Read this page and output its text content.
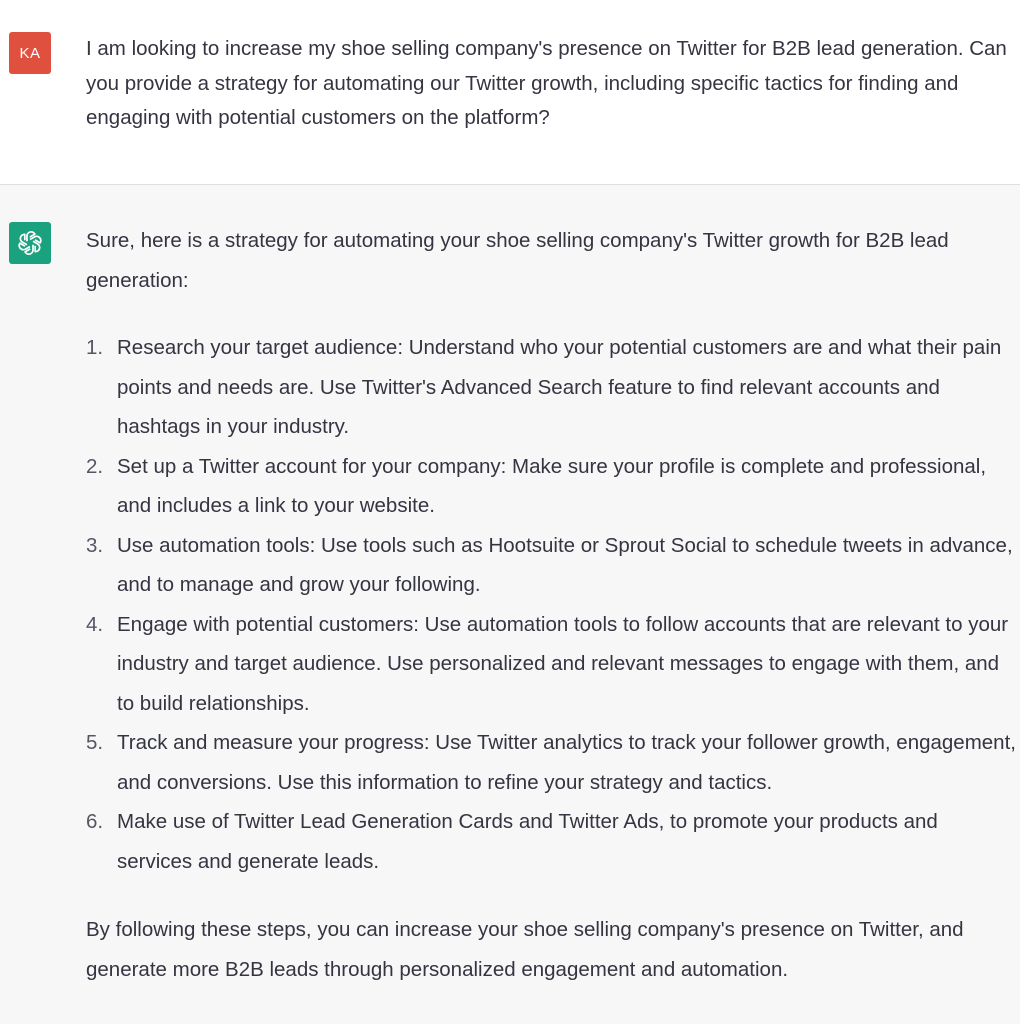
KA I am looking to increase my shoe selling company's presence on Twitter for B2B lead generation. Can you provide a strategy for automating our Twitter growth, including specific tactics for finding and engaging with potential customers on the platform?

Sure, here is a strategy for automating your shoe selling company's Twitter growth for B2B lead generation:

1. Research your target audience: Understand who your potential customers are and what their pain points and needs are. Use Twitter's Advanced Search feature to find relevant accounts and hashtags in your industry.
2. Set up a Twitter account for your company: Make sure your profile is complete and professional, and includes a link to your website.
3. Use automation tools: Use tools such as Hootsuite or Sprout Social to schedule tweets in advance, and to manage and grow your following.
4. Engage with potential customers: Use automation tools to follow accounts that are relevant to your industry and target audience. Use personalized and relevant messages to engage with them, and to build relationships.
5. Track and measure your progress: Use Twitter analytics to track your follower growth, engagement, and conversions. Use this information to refine your strategy and tactics.
6. Make use of Twitter Lead Generation Cards and Twitter Ads, to promote your products and services and generate leads.

By following these steps, you can increase your shoe selling company's presence on Twitter, and generate more B2B leads through personalized engagement and automation.
